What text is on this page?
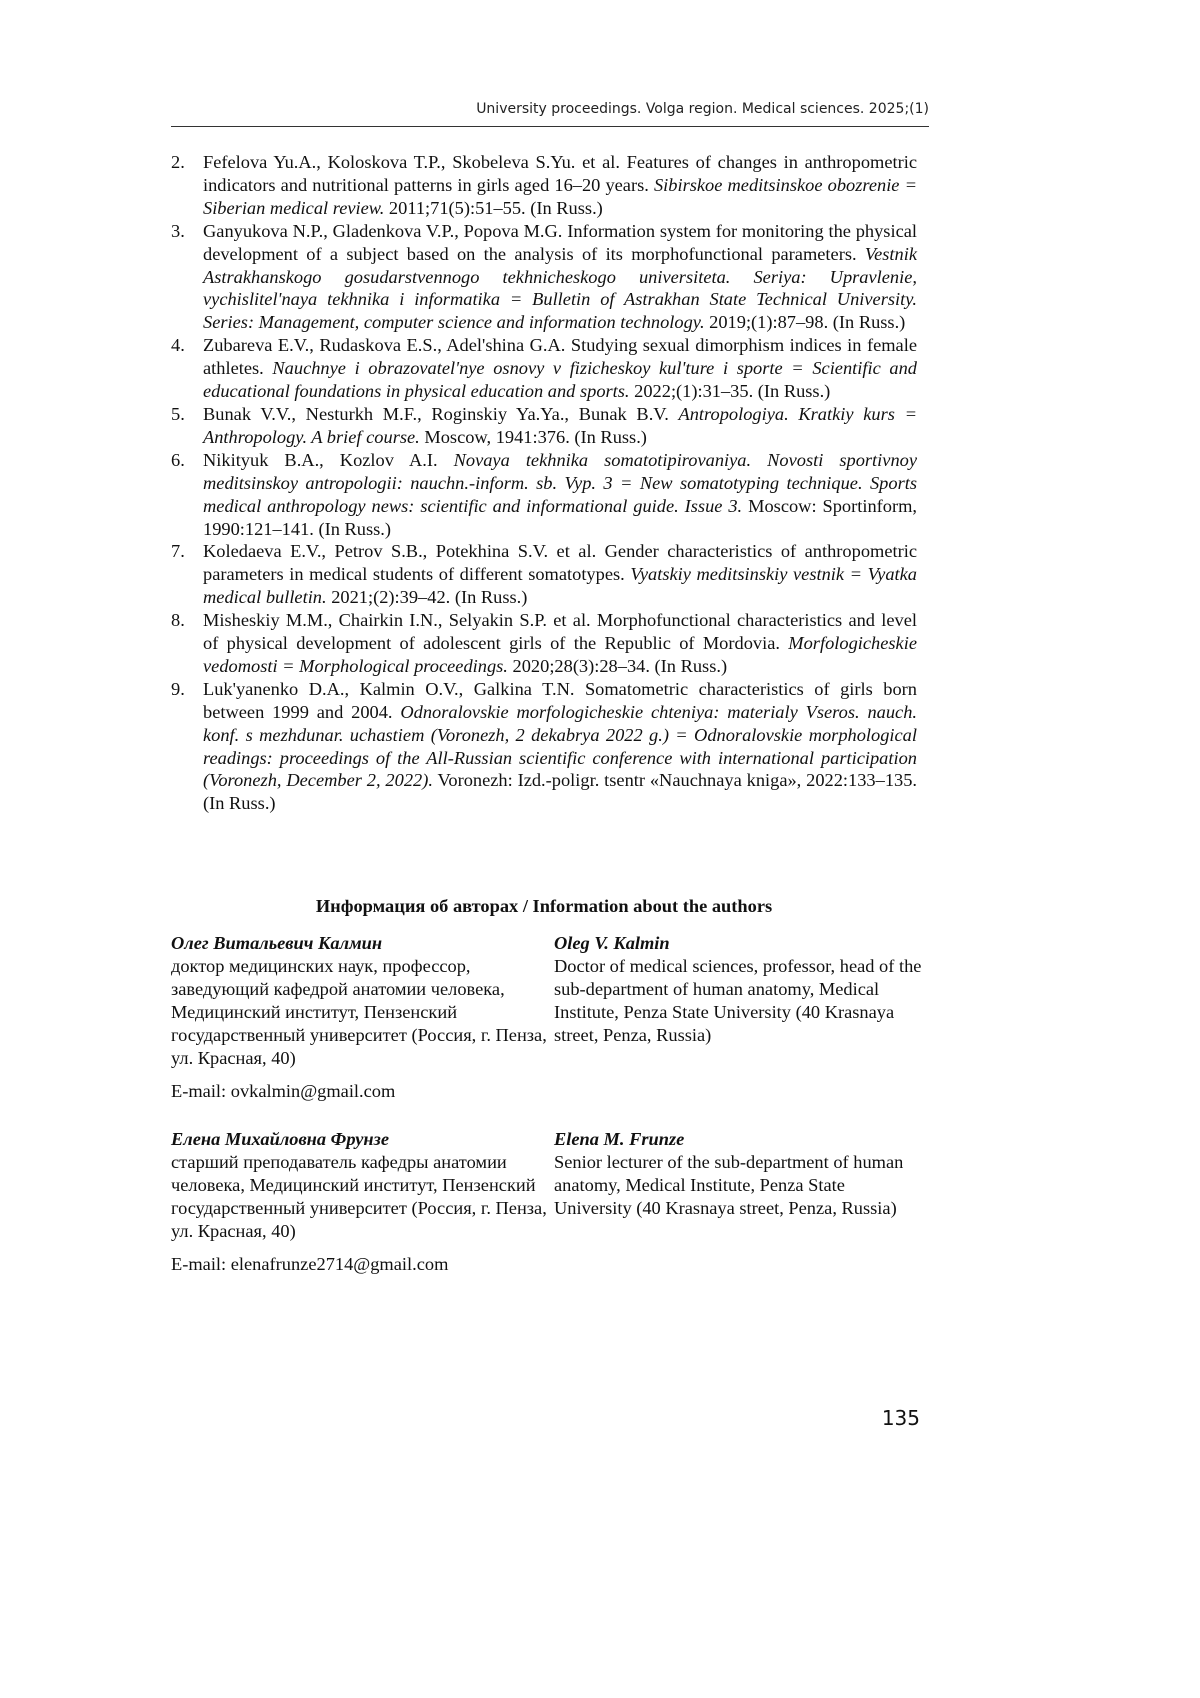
University proceedings. Volga region. Medical sciences. 2025;(1)
2. Fefelova Yu.A., Koloskova T.P., Skobeleva S.Yu. et al. Features of changes in anthropometric indicators and nutritional patterns in girls aged 16–20 years. Sibirskoe meditsinskoe obozrenie = Siberian medical review. 2011;71(5):51–55. (In Russ.)
3. Ganyukova N.P., Gladenkova V.P., Popova M.G. Information system for monitoring the physical development of a subject based on the analysis of its morphofunctional parameters. Vestnik Astrakhanskogo gosudarstvennogo tekhnicheskogo universiteta. Seriya: Upravlenie, vychislitel'naya tekhnika i informatika = Bulletin of Astrakhan State Technical University. Series: Management, computer science and information technology. 2019;(1):87–98. (In Russ.)
4. Zubareva E.V., Rudaskova E.S., Adel'shina G.A. Studying sexual dimorphism indices in female athletes. Nauchnye i obrazovatel'nye osnovy v fizicheskoy kul'ture i sporte = Scientific and educational foundations in physical education and sports. 2022;(1):31–35. (In Russ.)
5. Bunak V.V., Nesturkh M.F., Roginskiy Ya.Ya., Bunak B.V. Antropologiya. Kratkiy kurs = Anthropology. A brief course. Moscow, 1941:376. (In Russ.)
6. Nikityuk B.A., Kozlov A.I. Novaya tekhnika somatotipirovaniya. Novosti sportivnoy meditsinskoy antropologii: nauchn.-inform. sb. Vyp. 3 = New somatotyping technique. Sports medical anthropology news: scientific and informational guide. Issue 3. Moscow: Sportinform, 1990:121–141. (In Russ.)
7. Koledaeva E.V., Petrov S.B., Potekhina S.V. et al. Gender characteristics of anthropometric parameters in medical students of different somatotypes. Vyatskiy meditsinskiy vestnik = Vyatka medical bulletin. 2021;(2):39–42. (In Russ.)
8. Misheskiy M.M., Chairkin I.N., Selyakin S.P. et al. Morphofunctional characteristics and level of physical development of adolescent girls of the Republic of Mordovia. Morfologicheskie vedomosti = Morphological proceedings. 2020;28(3):28–34. (In Russ.)
9. Luk'yanenko D.A., Kalmin O.V., Galkina T.N. Somatometric characteristics of girls born between 1999 and 2004. Odnoralovskie morfologicheskie chteniya: materialy Vseros. nauch. konf. s mezhdunar. uchastiem (Voronezh, 2 dekabrya 2022 g.) = Odnoralovskie morphological readings: proceedings of the All-Russian scientific conference with international participation (Voronezh, December 2, 2022). Voronezh: Izd.-poligr. tsentr «Nauchnaya kniga», 2022:133–135. (In Russ.)
Информация об авторах / Information about the authors
Олег Витальевич Калмин
доктор медицинских наук, профессор, заведующий кафедрой анатомии человека, Медицинский институт, Пензенский государственный университет (Россия, г. Пенза, ул. Красная, 40)
Oleg V. Kalmin
Doctor of medical sciences, professor, head of the sub-department of human anatomy, Medical Institute, Penza State University (40 Krasnaya street, Penza, Russia)
E-mail: ovkalmin@gmail.com
Елена Михайловна Фрунзе
старший преподаватель кафедры анатомии человека, Медицинский институт, Пензенский государственный университет (Россия, г. Пенза, ул. Красная, 40)
Elena M. Frunze
Senior lecturer of the sub-department of human anatomy, Medical Institute, Penza State University (40 Krasnaya street, Penza, Russia)
E-mail: elenafrunze2714@gmail.com
135
